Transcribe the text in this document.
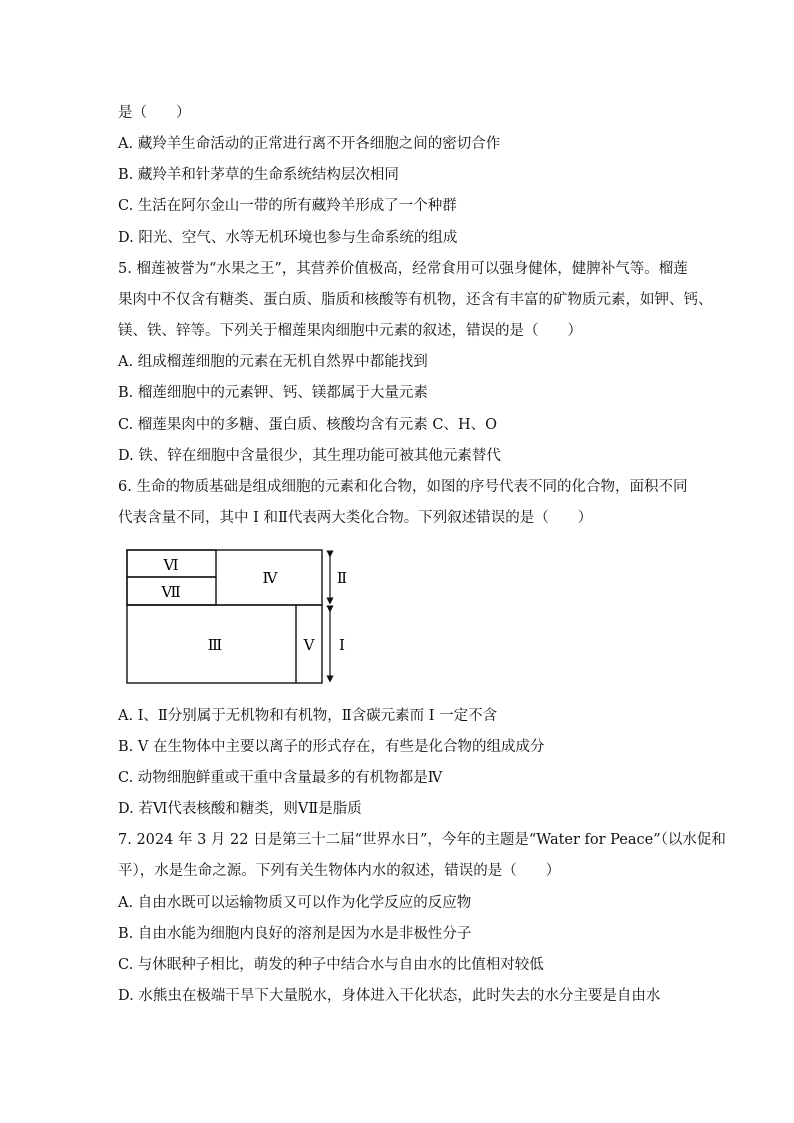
是（　　）
A. 藏羚羊生命活动的正常进行离不开各细胞之间的密切合作
B. 藏羚羊和针茅草的生命系统结构层次相同
C. 生活在阿尔金山一带的所有藏羚羊形成了一个种群
D. 阳光、空气、水等无机环境也参与生命系统的组成
5. 榴莲被誉为“水果之王”，其营养价值极高，经常食用可以强身健体，健脾补气等。榴莲
果肉中不仅含有糖类、蛋白质、脂质和核酸等有机物，还含有丰富的矿物质元素，如钾、钙、
镁、铁、锌等。下列关于榴莲果肉细胞中元素的叙述，错误的是（　　）
A. 组成榴莲细胞的元素在无机自然界中都能找到
B. 榴莲细胞中的元素钾、钙、镁都属于大量元素
C. 榴莲果肉中的多糖、蛋白质、核酸均含有元素 C、H、O
D. 铁、锌在细胞中含量很少，其生理功能可被其他元素替代
6. 生命的物质基础是组成细胞的元素和化合物，如图的序号代表不同的化合物，面积不同
代表含量不同，其中 I 和Ⅱ代表两大类化合物。下列叙述错误的是（　　）
A. I、Ⅱ分别属于无机物和有机物，Ⅱ含碳元素而 I 一定不含
B. V 在生物体中主要以离子的形式存在，有些是化合物的组成成分
C. 动物细胞鲜重或干重中含量最多的有机物都是Ⅳ
D. 若Ⅵ代表核酸和糖类，则ⅤⅡ是脂质
7. 2024 年 3 月 22 日是第三十二届“世界水日”，今年的主题是“Water for Peace”（以水促和
平），水是生命之源。下列有关生物体内水的叙述，错误的是（　　）
A. 自由水既可以运输物质又可以作为化学反应的反应物
B. 自由水能为细胞内良好的溶剂是因为水是非极性分子
C. 与休眠种子相比，萌发的种子中结合水与自由水的比值相对较低
D. 水熊虫在极端干旱下大量脱水，身体进入干化状态，此时失去的水分主要是自由水
Ⅵ
Ⅶ
Ⅳ
Ⅲ	Ⅴ
Ⅱ
I
